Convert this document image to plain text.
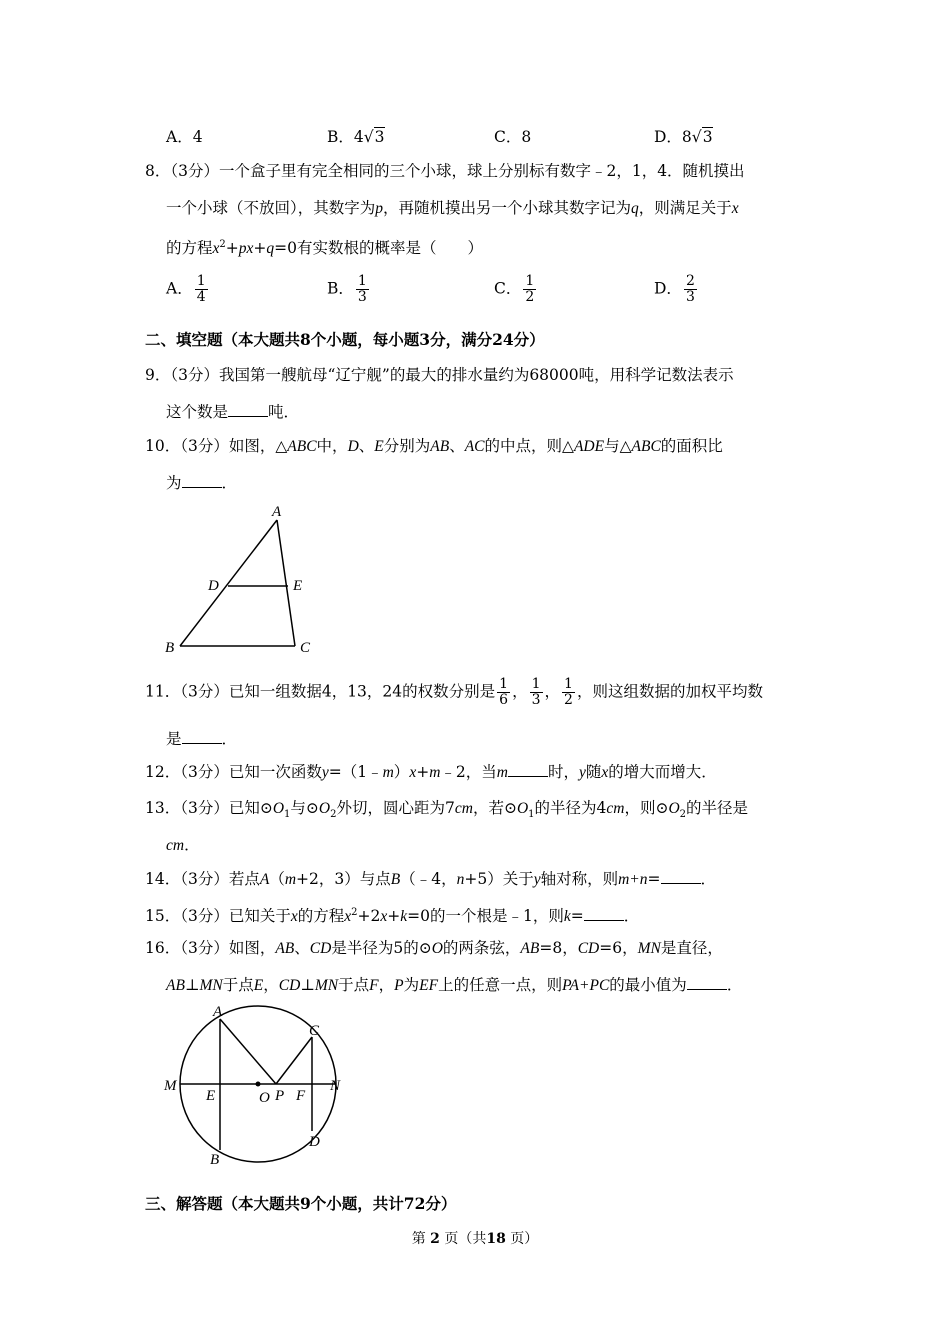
A．4	B．4√3	C．8	D．8√3
8．（3分）一个盒子里有完全相同的三个小球，球上分别标有数字﹣2，1，4．随机摸出
一个小球（不放回），其数字为p，再随机摸出另一个小球其数字记为q，则满足关于x
的方程$x^2+px+q=0$有实数根的概率是（　　）
A． $\frac{1}{4}$	B． $\frac{1}{3}$	C． $\frac{1}{2}$	D． $\frac{2}{3}$
二、填空题（本大题共8个小题，每小题3分，满分24分）
9．（3分）我国第一艘航母“辽宁舰”的最大的排水量约为68000吨，用科学记数法表示
这个数是	吨．
10．（3分）如图，△ABC中，D、E分别为AB、AC的中点，则△ADE与△ABC的面积比
为	．
A
B	C
D	E
11．（3分）已知一组数据4，13，24的权数分别是 $\frac{1}{6}$ ， $\frac{1}{3}$ ， $\frac{1}{2}$ ，则这组数据的加权平均数
是	．
12．（3分）已知一次函数y=（1﹣m）x+m﹣2，当m	时，y随x的增大而增大．
13．（3分）已知$⊙O_1$与$⊙O_2$外切，圆心距为7cm，若$⊙O_1$的半径为4cm，则$⊙O_2$的半径是
cm．
14．（3分）若点A（m+2，3）与点B（﹣4，n+5）关于y轴对称，则m+n=	．
15．（3分）已知关于x的方程$x^2+2x+k=0$的一个根是﹣1，则k=	．
16．（3分）如图，AB、CD是半径为5的⊙O的两条弦，AB=8，CD=6，MN是直径，
AB⊥MN于点E，CD⊥MN于点F，P为EF上的任意一点，则PA+PC的最小值为	．
A
B
C
D
E	F
M	N
O P
三、解答题（本大题共9个小题，共计72分）
第 2 页（共18 页）
